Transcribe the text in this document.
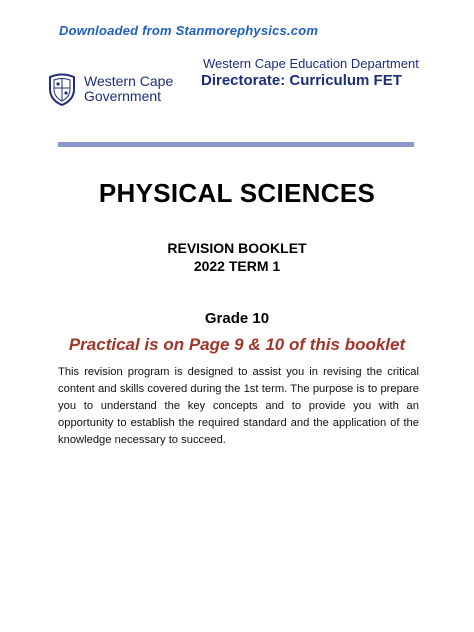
Downloaded from Stanmorephysics.com
Western Cape
Government
Western Cape Education Department
Directorate: Curriculum FET
PHYSICAL SCIENCES
REVISION BOOKLET
2022 TERM 1
Grade 10
Practical is on Page 9 & 10 of this booklet

This revision program is designed to assist you in revising the critical content and skills covered during the 1st term. The purpose is to prepare you to understand the key concepts and to provide you with an opportunity to establish the required standard and the application of the knowledge necessary to succeed.
